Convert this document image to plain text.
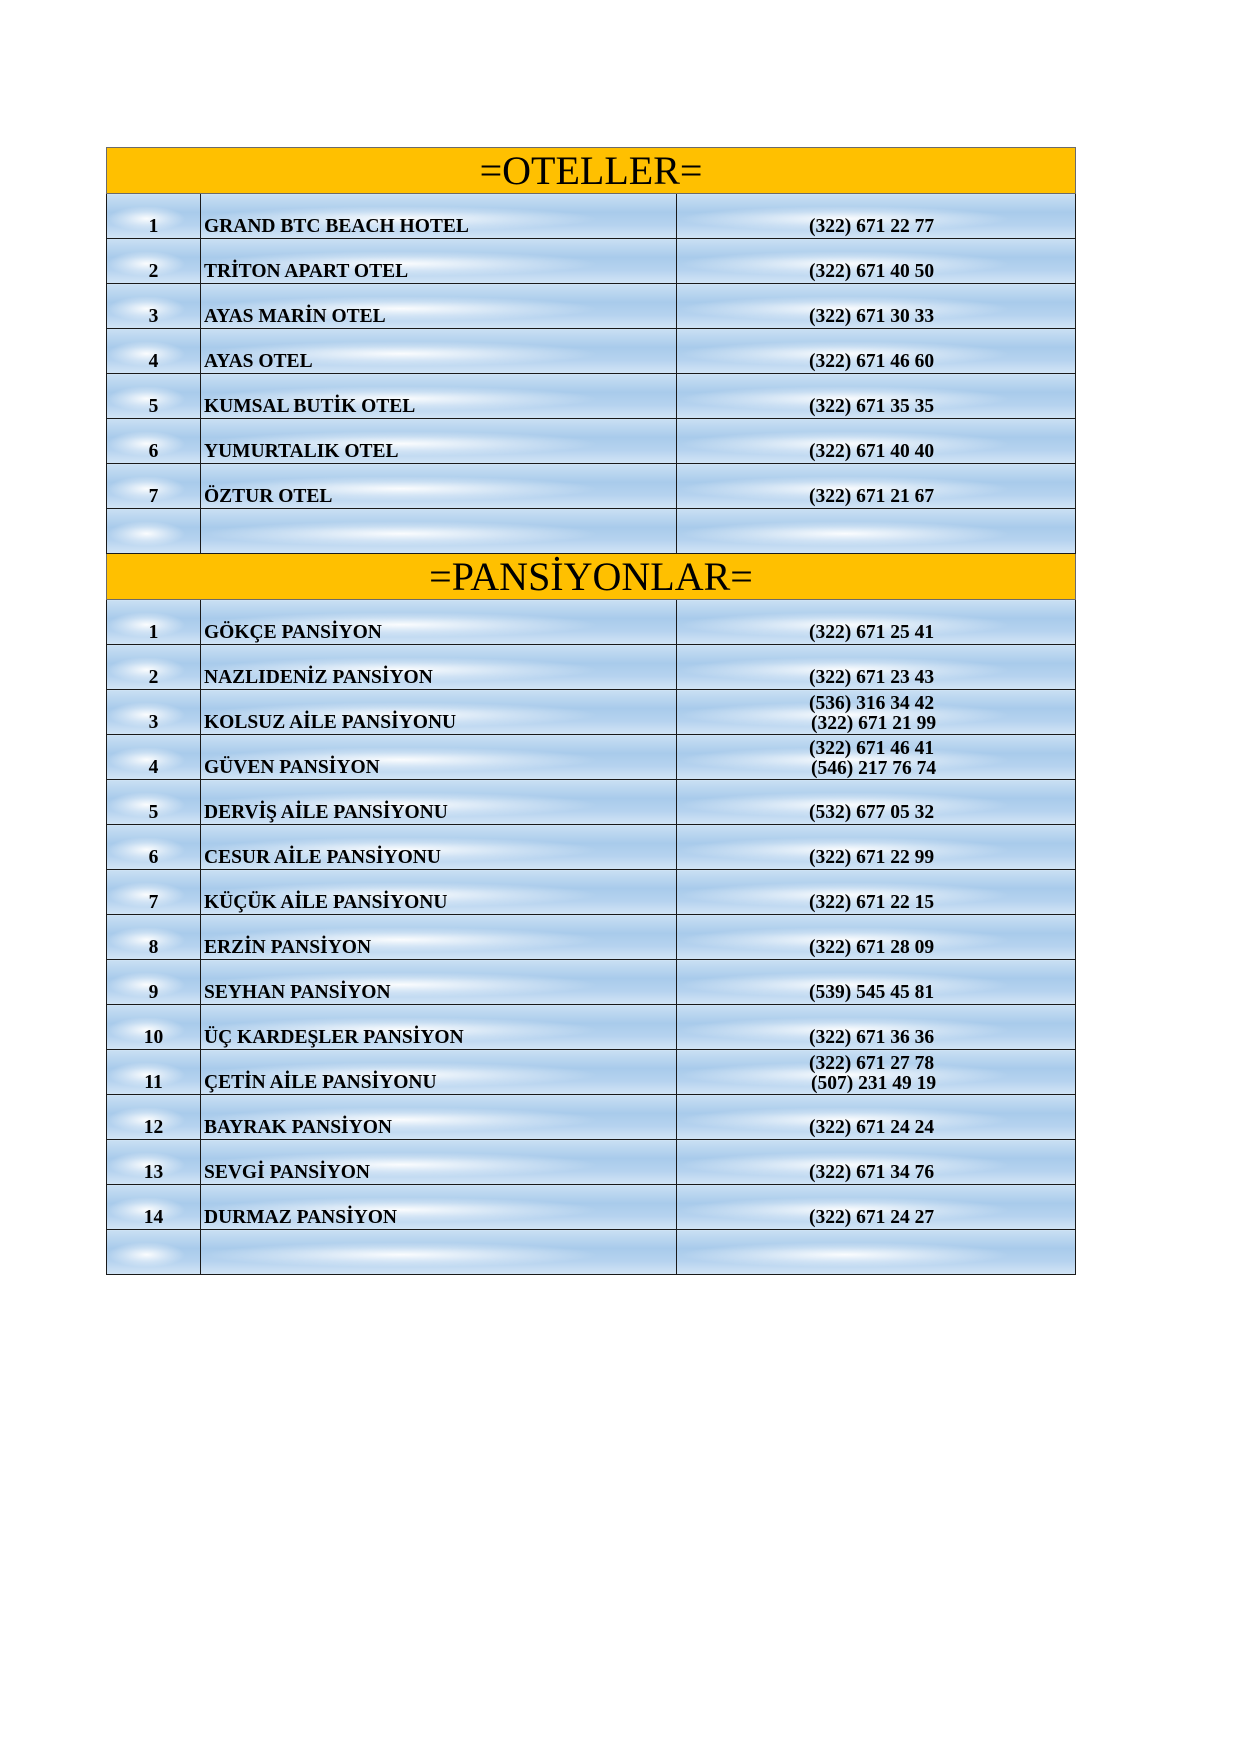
=OTELLER=		

1	GRAND BTC BEACH HOTEL	(322) 671 22 77

2	TRİTON APART OTEL	(322) 671 40 50

3	AYAS MARİN OTEL	(322) 671 30 33

4	AYAS OTEL	(322) 671 46 60

5	KUMSAL BUTİK OTEL	(322) 671 35 35

6	YUMURTALIK OTEL	(322) 671 40 40

7	ÖZTUR OTEL	(322) 671 21 67

=PANSİYONLAR=		

1	GÖKÇE PANSİYON	(322) 671 25 41

2	NAZLIDENİZ PANSİYON	(322) 671 23 43

3	KOLSUZ AİLE PANSİYONU	(536) 316 34 42
(322) 671 21 99

4	GÜVEN PANSİYON	(322) 671 46 41
(546) 217 76 74

5	DERVİŞ AİLE PANSİYONU	(532) 677 05 32

6	CESUR AİLE PANSİYONU	(322) 671 22 99

7	KÜÇÜK AİLE PANSİYONU	(322) 671 22 15

8	ERZİN PANSİYON	(322) 671 28 09

9	SEYHAN PANSİYON	(539) 545 45 81

10	ÜÇ KARDEŞLER PANSİYON	(322) 671 36 36

11	ÇETİN AİLE PANSİYONU	(322) 671 27 78
(507) 231 49 19

12	BAYRAK PANSİYON	(322) 671 24 24

13	SEVGİ PANSİYON	(322) 671 34 76

14	DURMAZ PANSİYON	(322) 671 24 27
